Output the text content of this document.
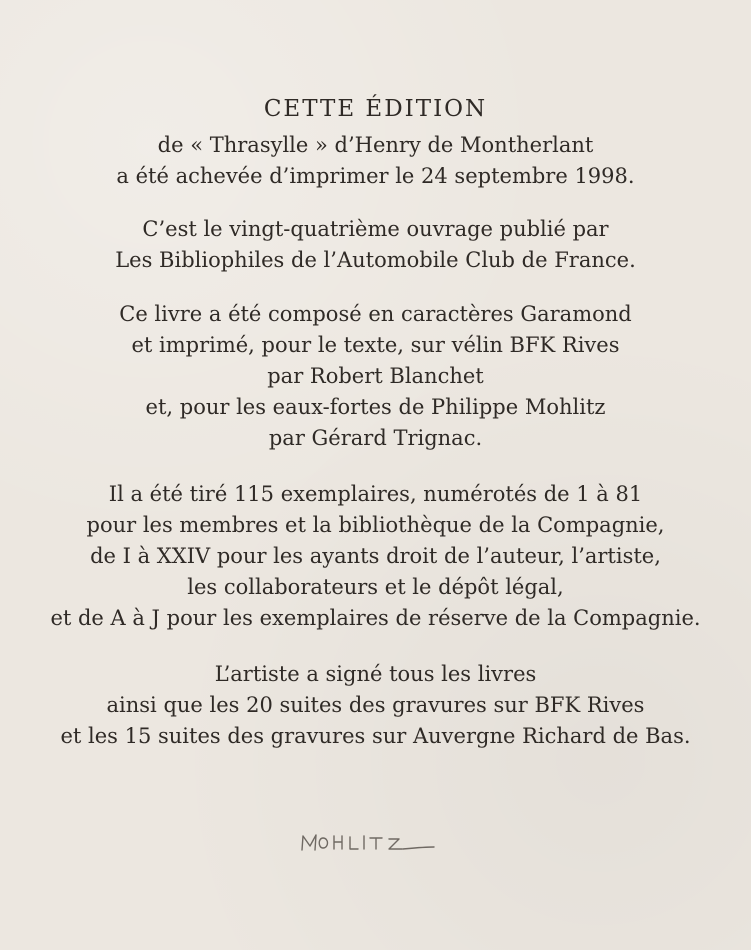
CETTE ÉDITION
de « Thrasylle » d’Henry de Montherlant
a été achevée d’imprimer le 24 septembre 1998.
C’est le vingt-quatrième ouvrage publié par
Les Bibliophiles de l’Automobile Club de France.
Ce livre a été composé en caractères Garamond
et imprimé, pour le texte, sur vélin BFK Rives
par Robert Blanchet
et, pour les eaux-fortes de Philippe Mohlitz
par Gérard Trignac.
Il a été tiré 115 exemplaires, numérotés de 1 à 81
pour les membres et la bibliothèque de la Compagnie,
de I à XXIV pour les ayants droit de l’auteur, l’artiste,
les collaborateurs et le dépôt légal,
et de A à J pour les exemplaires de réserve de la Compagnie.
L’artiste a signé tous les livres
ainsi que les 20 suites des gravures sur BFK Rives
et les 15 suites des gravures sur Auvergne Richard de Bas.
